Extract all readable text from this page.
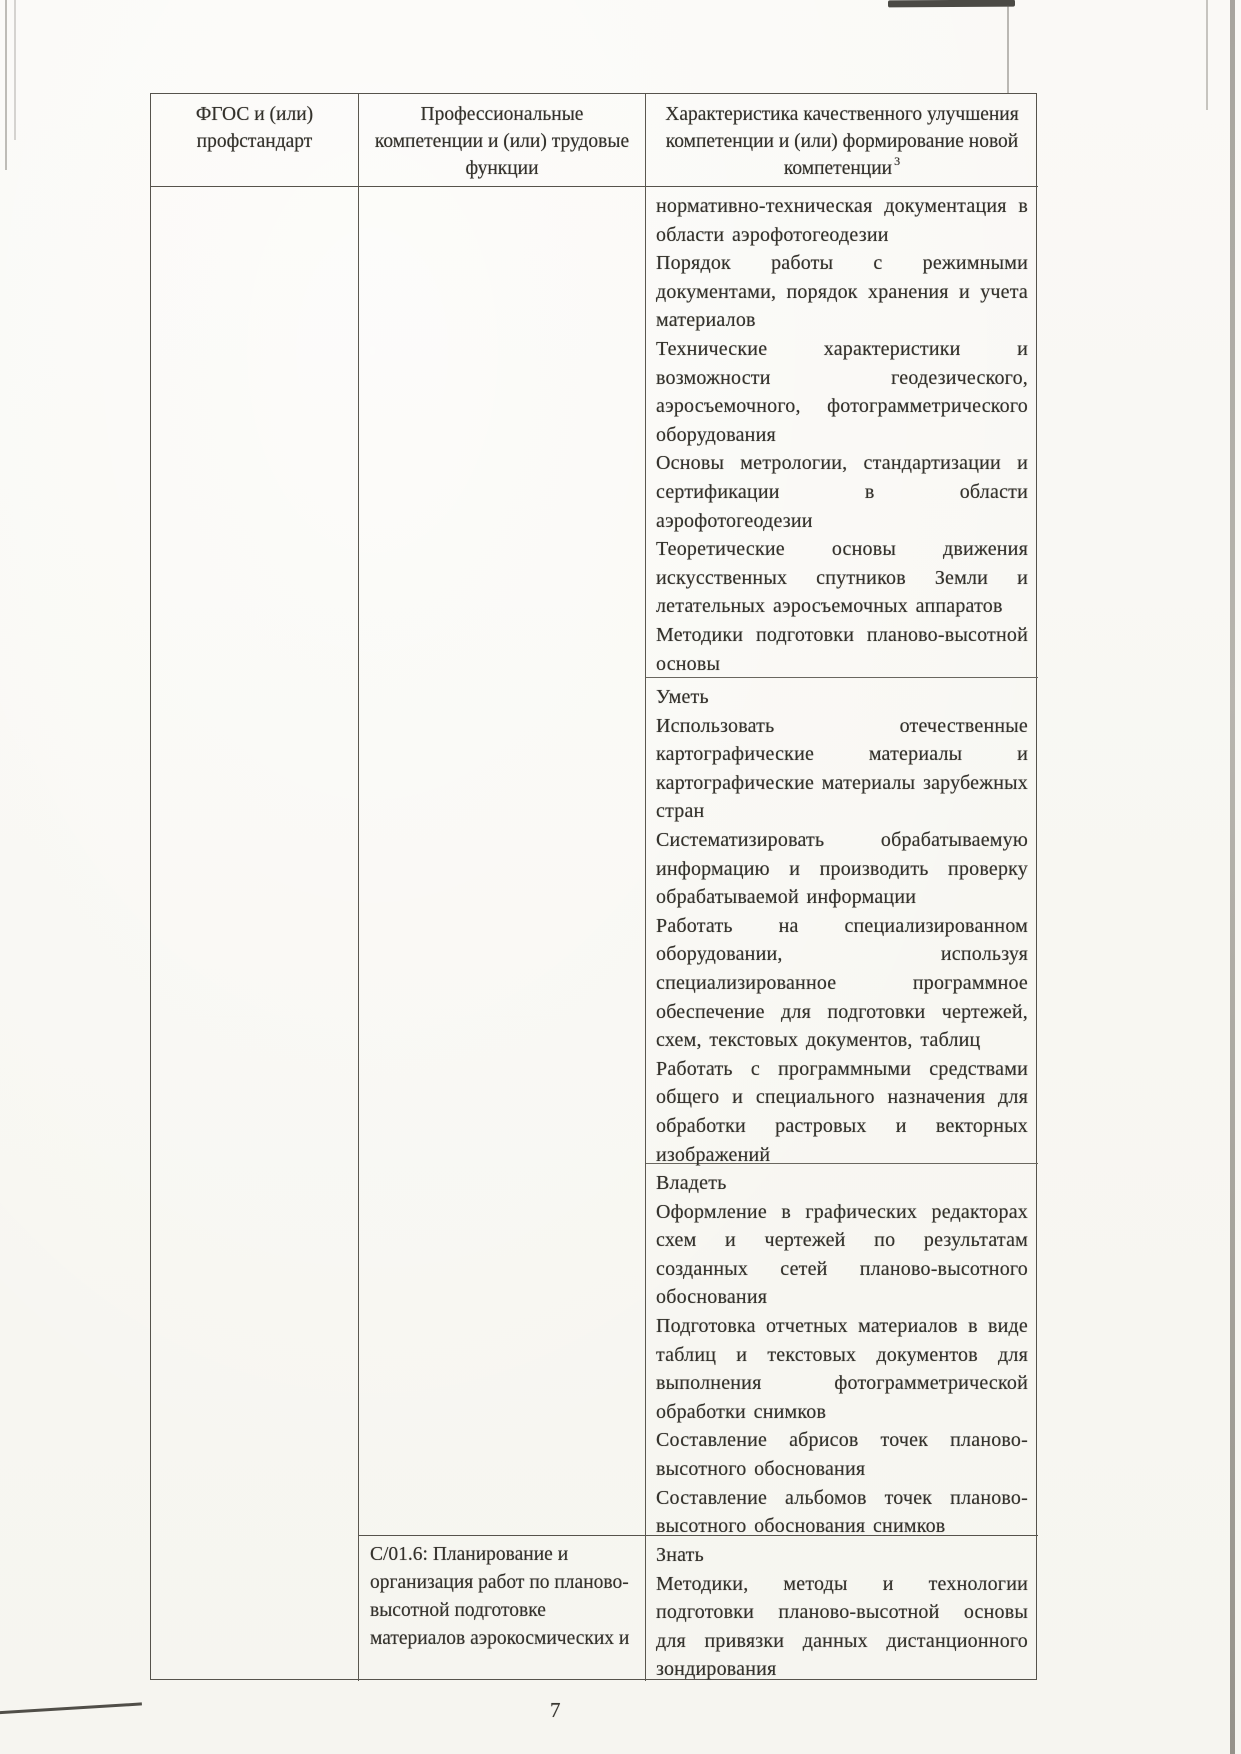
ФГОС и (или) профстандарт
Профессиональные компетенции и (или) трудовые функции
Характеристика качественного улучшения компетенции и (или) формирование новой компетенции $^3$
С/01.6: Планирование и организация работ по планово-высотной подготовке материалов аэрокосмических и

нормативно-техническая документация в области аэрофотогеодезии

Порядок работы с режимными документами, порядок хранения и учета материалов

Технические характеристики и возможности геодезического, аэросъемочного, фотограмметрического оборудования

Основы метрологии, стандартизации и сертификации в области аэрофотогеодезии

Теоретические основы движения искусственных спутников Земли и летательных аэросъемочных аппаратов

Методики подготовки планово-высотной основы

Уметь

Использовать отечественные картографические материалы и картографические материалы зарубежных стран

Систематизировать обрабатываемую информацию и производить проверку обрабатываемой информации

Работать на специализированном оборудовании, используя специализированное программное обеспечение для подготовки чертежей, схем, текстовых документов, таблиц

Работать с программными средствами общего и специального назначения для обработки растровых и векторных изображений

Владеть

Оформление в графических редакторах схем и чертежей по результатам созданных сетей планово-высотного обоснования

Подготовка отчетных материалов в виде таблиц и текстовых документов для выполнения фотограмметрической обработки снимков

Составление абрисов точек планово-высотного обоснования

Составление альбомов точек планово-высотного обоснования снимков

Знать

Методики, методы и технологии подготовки планово-высотной основы для привязки данных дистанционного зондирования

7
